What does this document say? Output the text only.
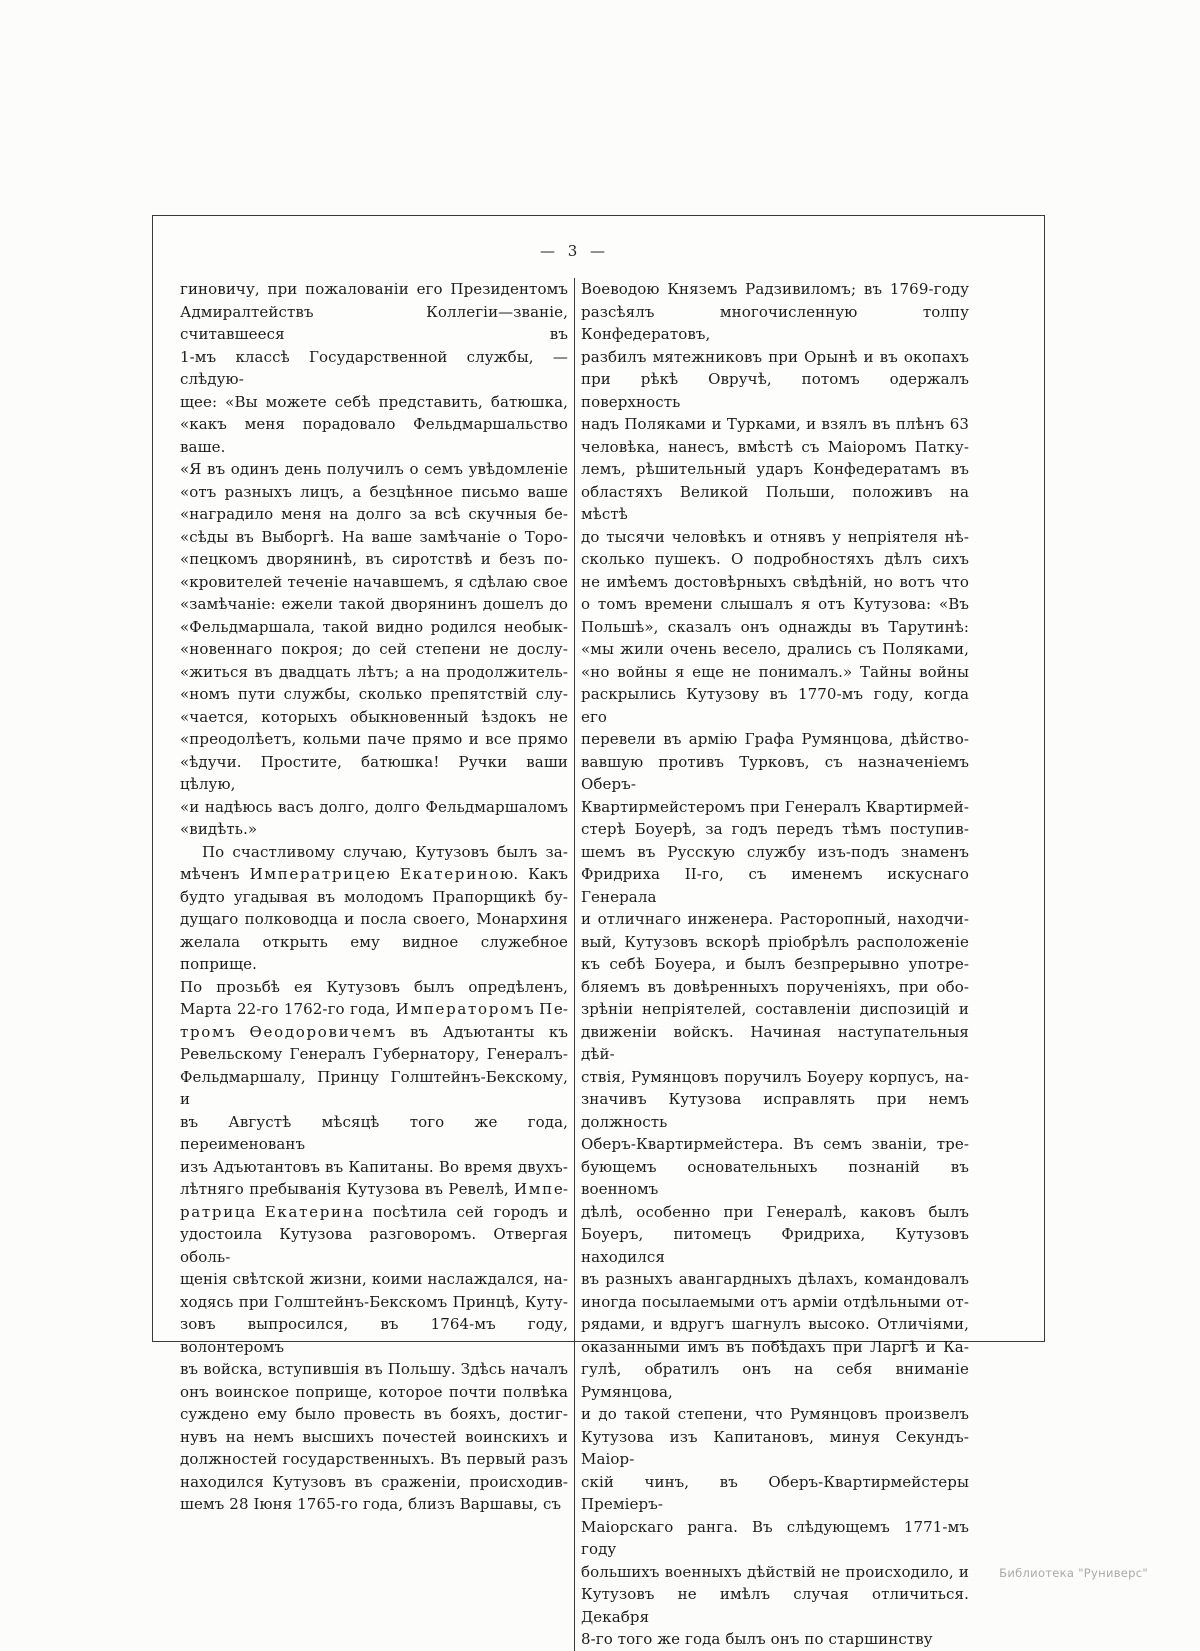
— 3 —

гиновичу, при пожалованіи его Президентомъ
Адмиралтействъ Коллегіи—званіе, считавшееся въ
1-мъ классѣ Государственной службы, — слѣдую-
щее: «Вы можете себѣ представить, батюшка,
«какъ меня порадовало Фельдмаршальство ваше.
«Я въ одинъ день получилъ о семъ увѣдомленіе
«отъ разныхъ лицъ, а безцѣнное письмо ваше
«наградило меня на долго за всѣ скучныя бе-
«сѣды въ Выборгѣ. На ваше замѣчаніе о Торо-
«пецкомъ дворянинѣ, въ сиротствѣ и безъ по-
«кровителей теченіе начавшемъ, я сдѣлаю свое
«замѣчаніе: ежели такой дворянинъ дошелъ до
«Фельдмаршала, такой видно родился необык-
«новеннаго покроя; до сей степени не дослу-
«житься въ двадцать лѣтъ; а на продолжитель-
«номъ пути службы, сколько препятствій слу-
«чается, которыхъ обыкновенный ѣздокъ не
«преодолѣетъ, кольми паче прямо и все прямо
«ѣдучи. Простите, батюшка! Ручки ваши цѣлую,
«и надѣюсь васъ долго, долго Фельдмаршаломъ
«видѣть.»

По счастливому случаю, Кутузовъ былъ за-
мѣченъ И м п е р а т р и ц е ю Е к а т е р и н о ю. Какъ
будто угадывая въ молодомъ Прапорщикѣ бу-
дущаго полководца и посла своего, Монархиня
желала открыть ему видное служебное поприще.
По прозьбѣ ея Кутузовъ былъ опредѣленъ,
Марта 22-го 1762-го года, И м п е р а т о р о м ъ П е-
т р о м ъ Ѳ е о д о р о в и ч е м ъ въ Адъютанты къ
Ревельскому Генералъ Губернатору, Генералъ-
Фельдмаршалу, Принцу Голштейнъ-Бекскому, и
въ Августѣ мѣсяцѣ того же года, переименованъ
изъ Адъютантовъ въ Капитаны. Во время двухъ-
лѣтняго пребыванія Кутузова въ Ревелѣ, И м п е-
р а т р и ц а Е к а т е р и н а посѣтила сей городъ и
удостоила Кутузова разговоромъ. Отвергая оболь-
щенія свѣтской жизни, коими наслаждался, на-
ходясь при Голштейнъ-Бекскомъ Принцѣ, Куту-
зовъ выпросился, въ 1764-мъ году, волонтеромъ
въ войска, вступившія въ Польшу. Здѣсь началъ
онъ воинское поприще, которое почти полвѣка
суждено ему было провесть въ бояхъ, достиг-
нувъ на немъ высшихъ почестей воинскихъ и
должностей государственныхъ. Въ первый разъ
находился Кутузовъ въ сраженіи, происходив-
шемъ 28 Іюня 1765-го года, близъ Варшавы, съ

Воеводою Княземъ Радзивиломъ; въ 1769-году
разсѣялъ многочисленную толпу Конфедератовъ,
разбилъ мятежниковъ при Орынѣ и въ окопахъ
при рѣкѣ Овручѣ, потомъ одержалъ поверхность
надъ Поляками и Турками, и взялъ въ плѣнъ 63
человѣка, нанесъ, вмѣстѣ съ Маіоромъ Патку-
лемъ, рѣшительный ударъ Конфедератамъ въ
областяхъ Великой Польши, положивъ на мѣстѣ
до тысячи человѣкъ и отнявъ у непріятеля нѣ-
сколько пушекъ. О подробностяхъ дѣлъ сихъ
не имѣемъ достовѣрныхъ свѣдѣній, но вотъ что
о томъ времени слышалъ я отъ Кутузова: «Въ
Польшѣ», сказалъ онъ однажды въ Тарутинѣ:
«мы жили очень весело, дрались съ Поляками,
«но войны я еще не понималъ.» Тайны войны
раскрылись Кутузову въ 1770-мъ году, когда его
перевели въ армію Графа Румянцова, дѣйство-
вавшую противъ Турковъ, съ назначеніемъ Оберъ-
Квартирмейстеромъ при Генералъ Квартирмей-
стерѣ Боуерѣ, за годъ передъ тѣмъ поступив-
шемъ въ Русскую службу изъ-подъ знаменъ
Фридриха II-го, съ именемъ искуснаго Генерала
и отличнаго инженера. Расторопный, находчи-
вый, Кутузовъ вскорѣ пріобрѣлъ расположеніе
къ себѣ Боуера, и былъ безпрерывно употре-
бляемъ въ довѣренныхъ порученіяхъ, при обо-
зрѣніи непріятелей, составленіи диспозицій и
движеніи войскъ. Начиная наступательныя дѣй-
ствія, Румянцовъ поручилъ Боуеру корпусъ, на-
значивъ Кутузова исправлять при немъ должность
Оберъ-Квартирмейстера. Въ семъ званіи, тре-
бующемъ основательныхъ познаній въ военномъ
дѣлѣ, особенно при Генералѣ, каковъ былъ
Боуеръ, питомецъ Фридриха, Кутузовъ находился
въ разныхъ авангардныхъ дѣлахъ, командовалъ
иногда посылаемыми отъ арміи отдѣльными от-
рядами, и вдругъ шагнулъ высоко. Отличіями,
оказанными имъ въ побѣдахъ при Ларгѣ и Ка-
гулѣ, обратилъ онъ на себя вниманіе Румянцова,
и до такой степени, что Румянцовъ произвелъ
Кутузова изъ Капитановъ, минуя Секундъ-Маіор-
скій чинъ, въ Оберъ-Квартирмейстеры Преміеръ-
Маіорскаго ранга. Въ слѣдующемъ 1771-мъ году
большихъ военныхъ дѣйствій не происходило, и
Кутузовъ не имѣлъ случая отличиться. Декабря
8-го того же года былъ онъ по старшинству

Библиотека "Руниверс"
